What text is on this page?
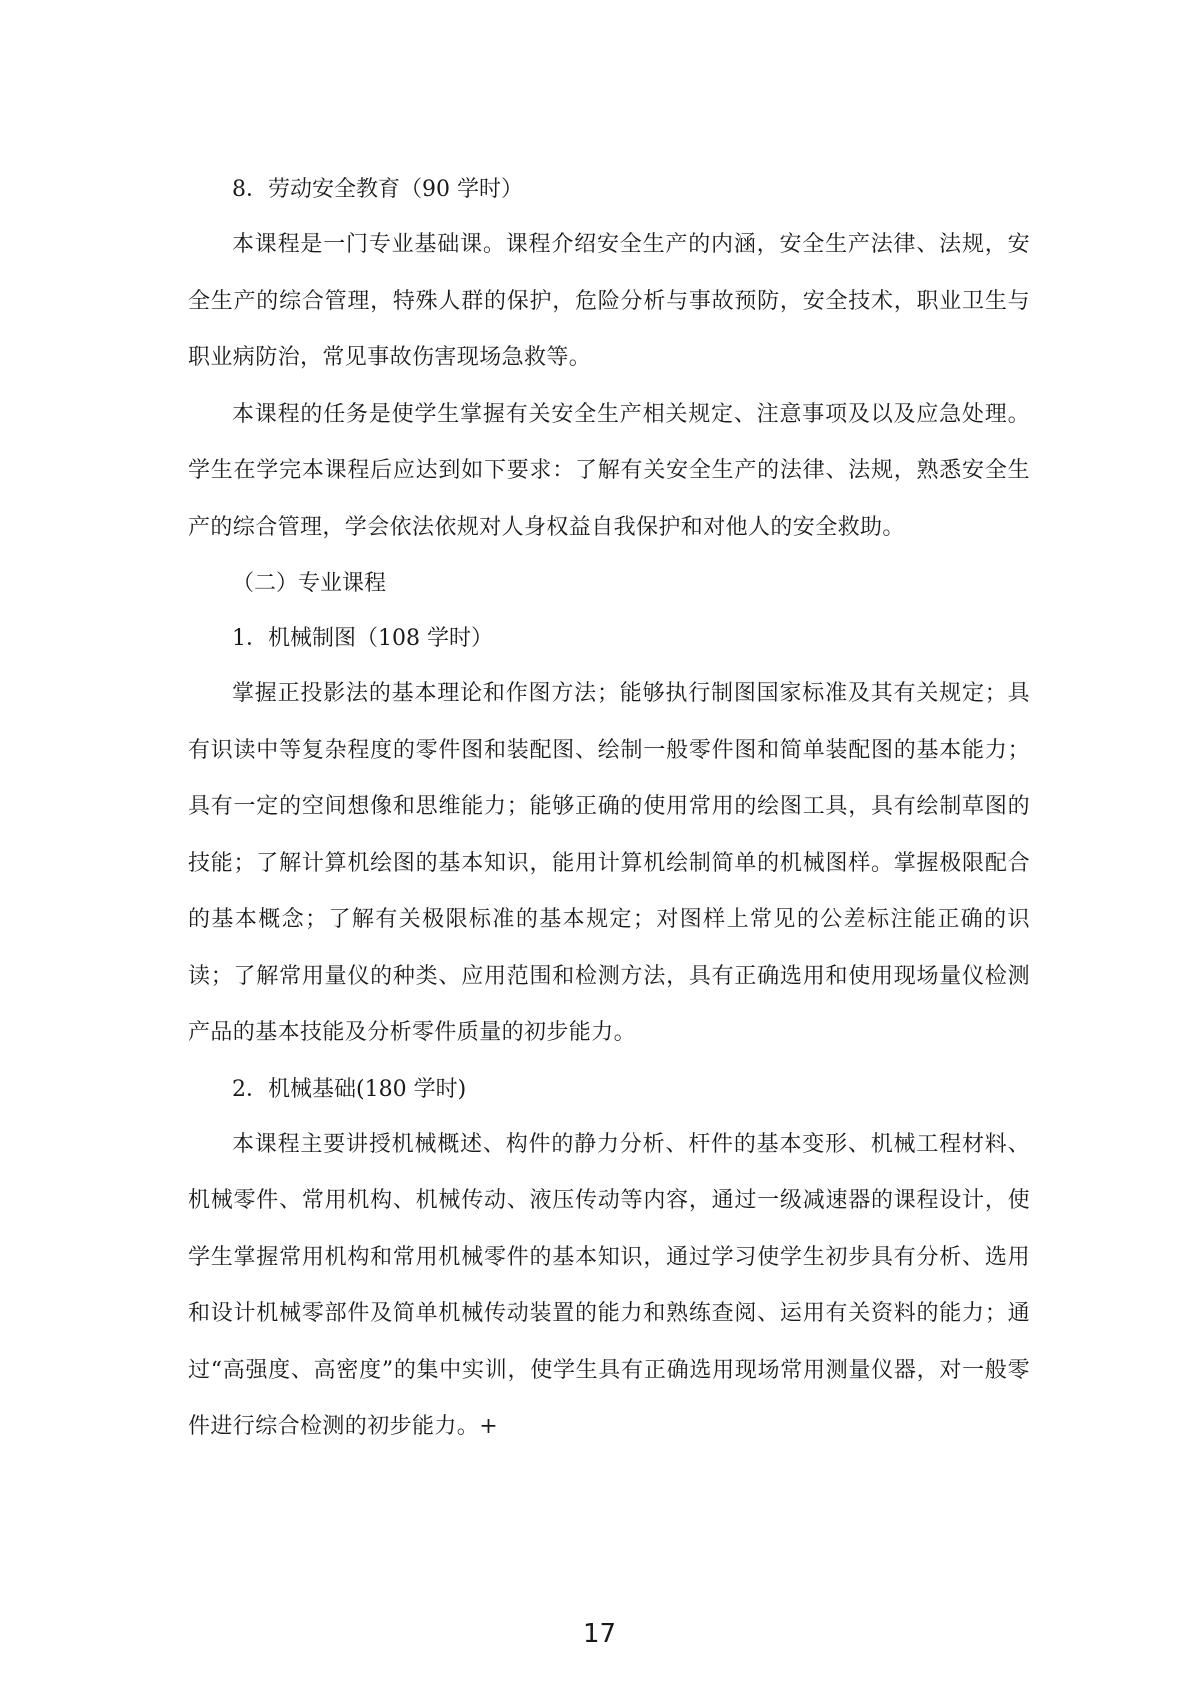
8．劳动安全教育（90 学时）

本课程是一门专业基础课。课程介绍安全生产的内涵，安全生产法律、法规，安全生产的综合管理，特殊人群的保护，危险分析与事故预防，安全技术，职业卫生与职业病防治，常见事故伤害现场急救等。

本课程的任务是使学生掌握有关安全生产相关规定、注意事项及以及应急处理。学生在学完本课程后应达到如下要求：了解有关安全生产的法律、法规，熟悉安全生产的综合管理，学会依法依规对人身权益自我保护和对他人的安全救助。

（二）专业课程

1．机械制图（108 学时）

掌握正投影法的基本理论和作图方法；能够执行制图国家标准及其有关规定；具有识读中等复杂程度的零件图和装配图、绘制一般零件图和简单装配图的基本能力；具有一定的空间想像和思维能力；能够正确的使用常用的绘图工具，具有绘制草图的技能；了解计算机绘图的基本知识，能用计算机绘制简单的机械图样。掌握极限配合的基本概念；了解有关极限标准的基本规定；对图样上常见的公差标注能正确的识读；了解常用量仪的种类、应用范围和检测方法，具有正确选用和使用现场量仪检测产品的基本技能及分析零件质量的初步能力。

2．机械基础(180 学时)

本课程主要讲授机械概述、构件的静力分析、杆件的基本变形、机械工程材料、机械零件、常用机构、机械传动、液压传动等内容，通过一级减速器的课程设计，使学生掌握常用机构和常用机械零件的基本知识，通过学习使学生初步具有分析、选用和设计机械零部件及简单机械传动装置的能力和熟练查阅、运用有关资料的能力；通过“高强度、高密度”的集中实训，使学生具有正确选用现场常用测量仪器，对一般零件进行综合检测的初步能力。+

17
